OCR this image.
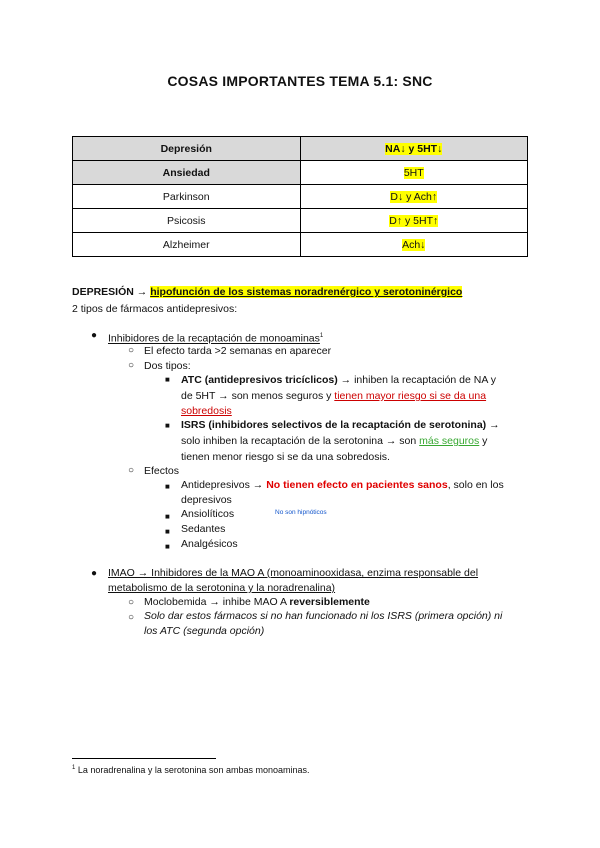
COSAS IMPORTANTES TEMA 5.1: SNC
Depresión	NA↓ y 5HT↓
Ansiedad	5HT
Parkinson	D↓ y Ach↑
Psicosis	D↑ y 5HT↑
Alzheimer	Ach↓
DEPRESIÓN → hipofunción de los sistemas noradrenérgico y serotoninérgico
2 tipos de fármacos antidepresivos:
● Inhibidores de la recaptación de monoaminas$^1$
○ El efecto tarda >2 semanas en aparecer
○ Dos tipos:
■ ATC (antidepresivos tricíclicos) → inhiben la recaptación de NA y
de 5HT → son menos seguros y tienen mayor riesgo si se da una
sobredosis
■ ISRS (inhibidores selectivos de la recaptación de serotonina) →
solo inhiben la recaptación de la serotonina → son más seguros y
tienen menor riesgo si se da una sobredosis.
○ Efectos
■ Antidepresivos → No tienen efecto en pacientes sanos, solo en los
depresivos
■ Ansiolíticos	No son hipnóticos
■ Sedantes
■ Analgésicos
● IMAO → Inhibidores de la MAO A (monoaminooxidasa, enzima responsable del
metabolismo de la serotonina y la noradrenalina)
○ Moclobemida → inhibe MAO A reversiblemente
○ Solo dar estos fármacos si no han funcionado ni los ISRS (primera opción) ni
los ATC (segunda opción)
$^1$ La noradrenalina y la serotonina son ambas monoaminas.
